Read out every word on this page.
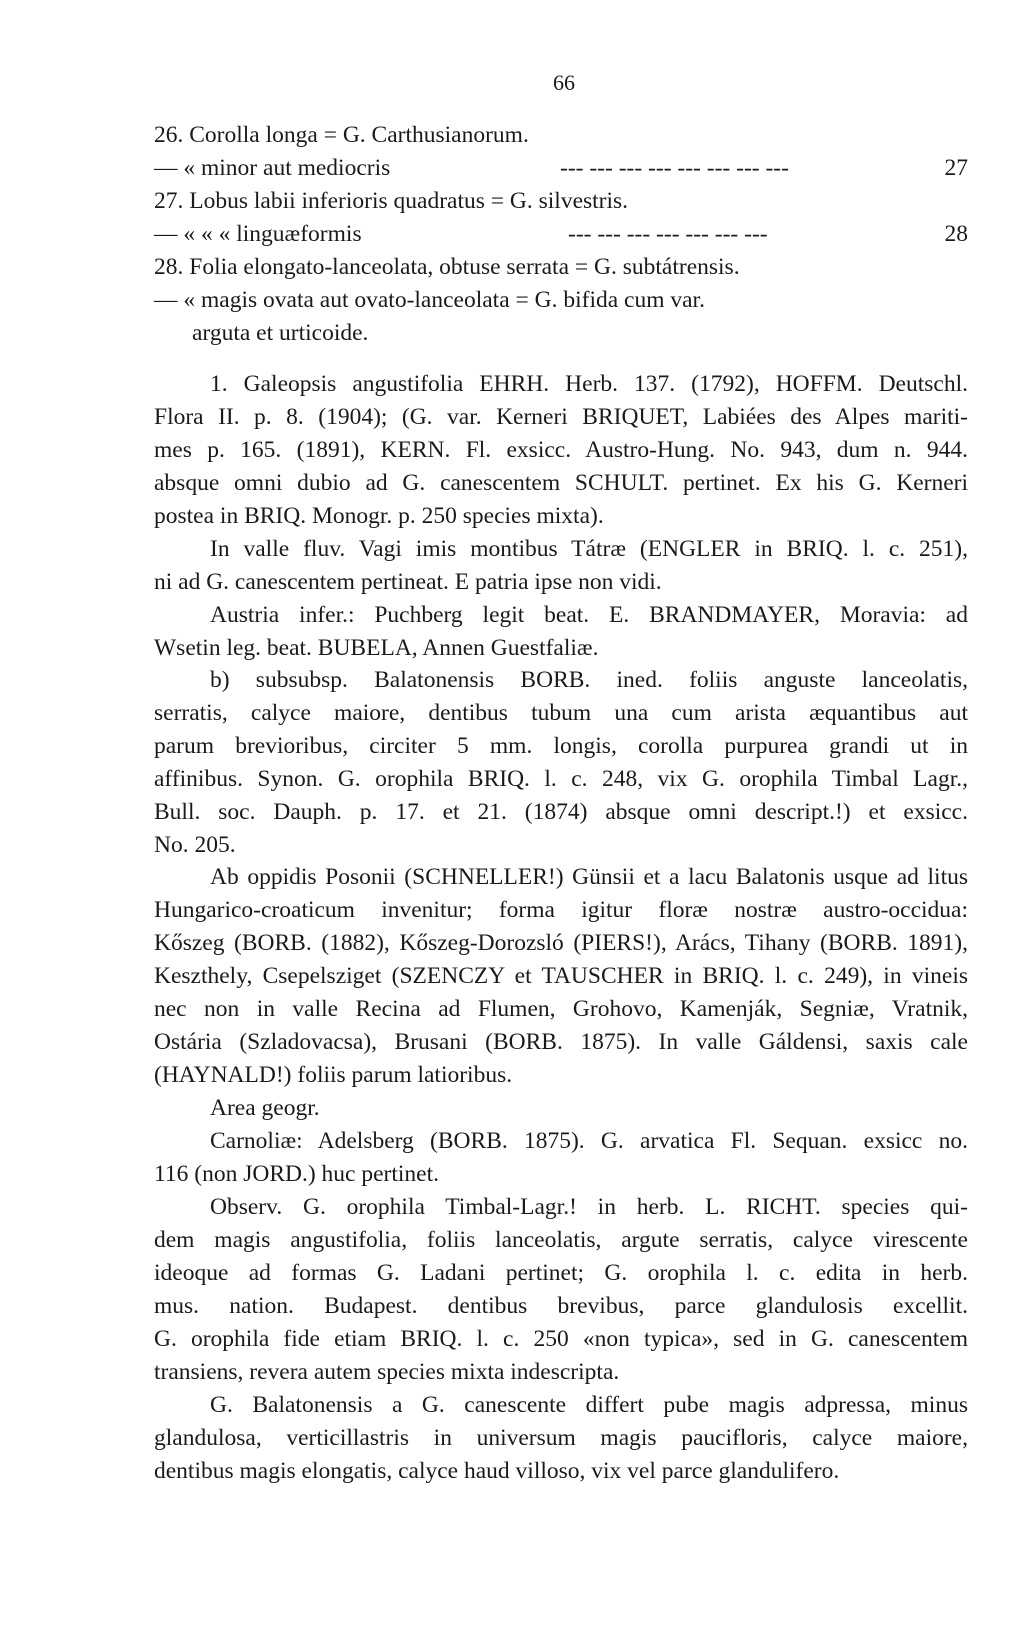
66
26. Corolla longa = G. Carthusianorum.
— « minor aut mediocris	--- --- --- --- --- --- --- ---	27
27. Lobus labii inferioris quadratus = G. silvestris.
— « « « linguæformis	--- --- --- --- --- --- ---	28
28. Folia elongato-lanceolata, obtuse serrata = G. subtátrensis.
— « magis ovata aut ovato-lanceolata = G. bifida cum var.
arguta et urticoide.
1. Galeopsis angustifolia EHRH. Herb. 137. (1792), HOFFM. Deutschl.
Flora II. p. 8. (1904); (G. var. Kerneri BRIQUET, Labiées des Alpes mariti-
mes p. 165. (1891), KERN. Fl. exsicc. Austro-Hung. No. 943, dum n. 944.
absque omni dubio ad G. canescentem SCHULT. pertinet. Ex his G. Kerneri
postea in BRIQ. Monogr. p. 250 species mixta).
In valle fluv. Vagi imis montibus Tátræ (ENGLER in BRIQ. l. c. 251),
ni ad G. canescentem pertineat. E patria ipse non vidi.
Austria infer.: Puchberg legit beat. E. BRANDMAYER, Moravia: ad
Wsetin leg. beat. BUBELA, Annen Guestfaliæ.
b) subsubsp. Balatonensis BORB. ined. foliis anguste lanceolatis,
serratis, calyce maiore, dentibus tubum una cum arista æquantibus aut
parum brevioribus, circiter 5 mm. longis, corolla purpurea grandi ut in
affinibus. Synon. G. orophila BRIQ. l. c. 248, vix G. orophila Timbal Lagr.,
Bull. soc. Dauph. p. 17. et 21. (1874) absque omni descript.!) et exsicc.
No. 205.
Ab oppidis Posonii (SCHNELLER!) Günsii et a lacu Balatonis usque ad litus
Hungarico-croaticum invenitur; forma igitur floræ nostræ austro-occidua:
Kőszeg (BORB. (1882), Kőszeg-Dorozsló (PIERS!), Arács, Tihany (BORB. 1891),
Keszthely, Csepelsziget (SZENCZY et TAUSCHER in BRIQ. l. c. 249), in vineis
nec non in valle Recina ad Flumen, Grohovo, Kamenják, Segniæ, Vratnik,
Ostária (Szladovacsa), Brusani (BORB. 1875). In valle Gáldensi, saxis cale
(HAYNALD!) foliis parum latioribus.
Area geogr.
Carnoliæ: Adelsberg (BORB. 1875). G. arvatica Fl. Sequan. exsicc no.
116 (non JORD.) huc pertinet.
Observ. G. orophila Timbal-Lagr.! in herb. L. RICHT. species qui-
dem magis angustifolia, foliis lanceolatis, argute serratis, calyce virescente
ideoque ad formas G. Ladani pertinet; G. orophila l. c. edita in herb.
mus. nation. Budapest. dentibus brevibus, parce glandulosis excellit.
G. orophila fide etiam BRIQ. l. c. 250 «non typica», sed in G. canescentem
transiens, revera autem species mixta indescripta.
G. Balatonensis a G. canescente differt pube magis adpressa, minus
glandulosa, verticillastris in universum magis paucifloris, calyce maiore,
dentibus magis elongatis, calyce haud villoso, vix vel parce glandulifero.
